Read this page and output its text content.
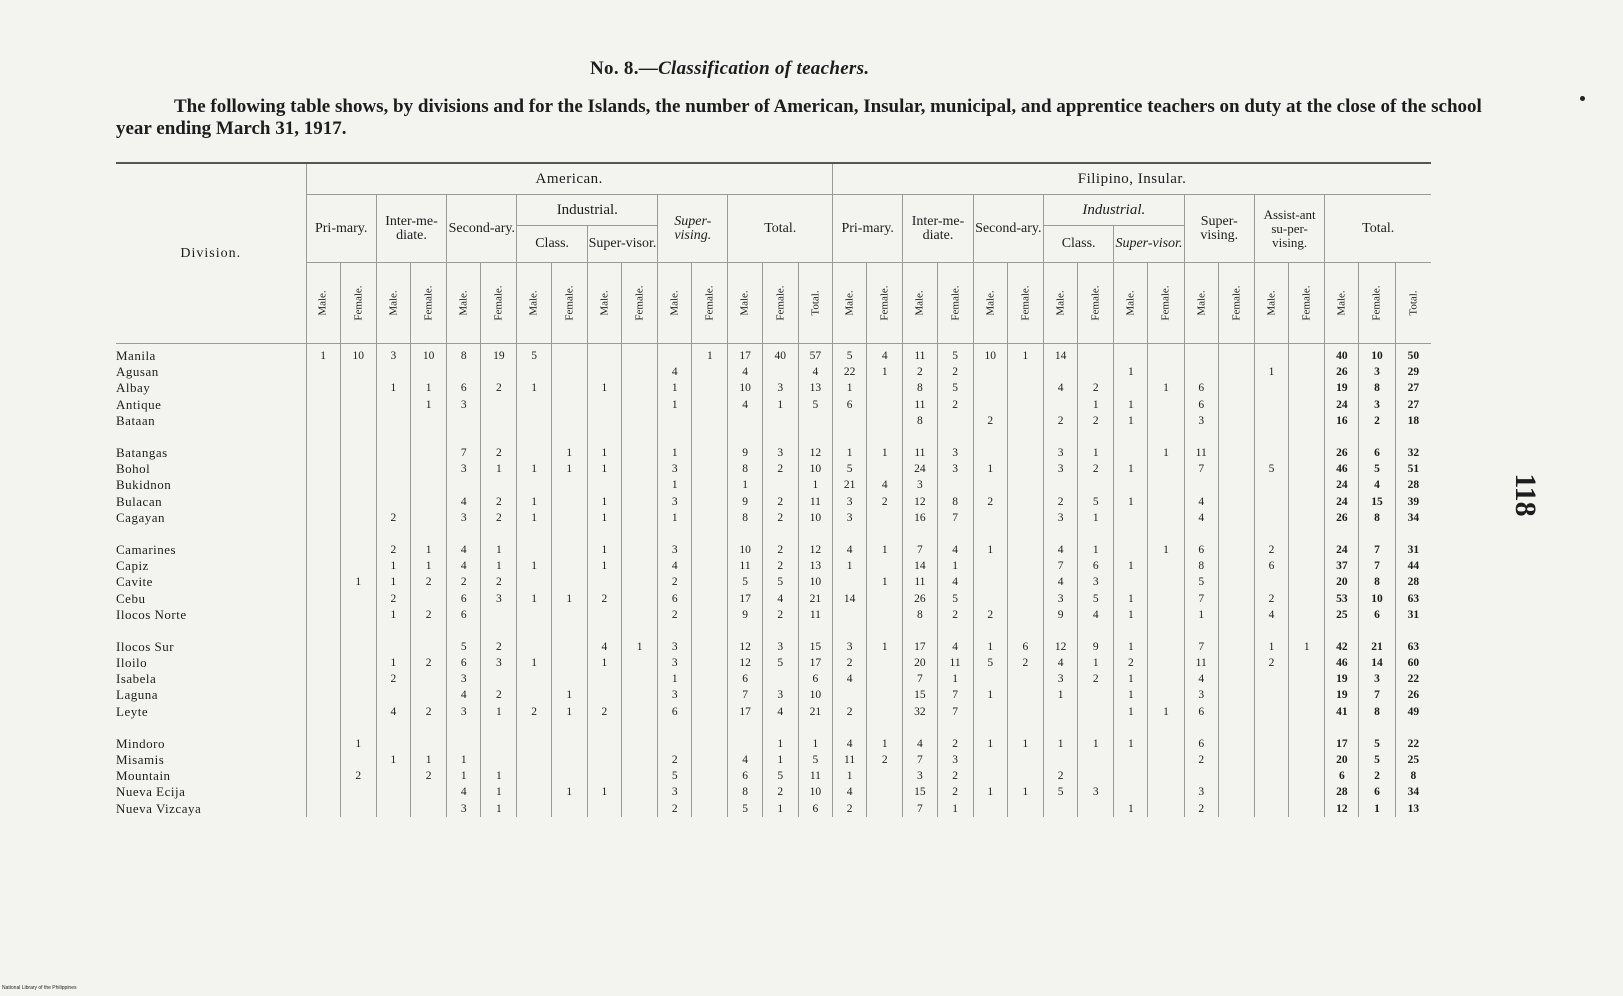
No. 8.—Classification of teachers.
The following table shows, by divisions and for the Islands, the number of American, Insular, municipal, and apprentice teachers on duty at the close of the school year ending March 31, 1917.
118
Division.	American.															Filipino, Insular.																
	Pri-mary.		Inter-me-diate.		Second-ary.		Industrial.				Super-vising.		Total.			Pri-mary.		Inter-me-diate.		Second-ary.		Industrial.				Super-vising.		Assist-ant su-per-vising.		Total.		
							Class.		Super-visor.													Class.		Super-visor.								
	Male.	Female.	Male.	Female.	Male.	Female.	Male.	Female.	Male.	Female.	Male.	Female.	Male.	Female.	Total.	Male.	Female.	Male.	Female.	Male.	Female.	Male.	Female.	Male.	Female.	Male.	Female.	Male.	Female.	Male.	Female.	Total.
Manila	1	10	3	10	8	19	5					1	17	40	57	5	4	11	5	10	1	14								40	10	50
Agusan											4		4		4	22	1	2	2					1				1		26	3	29
Albay			1	1	6	2	1		1		1		10	3	13	1		8	5			4	2		1	6				19	8	27
Antique				1	3						1		4	1	5	6		11	2				1	1		6				24	3	27
Bataan																		8		2		2	2	1		3				16	2	18

Batangas					7	2		1	1		1		9	3	12	1	1	11	3			3	1		1	11				26	6	32
Bohol					3	1	1	1	1		3		8	2	10	5		24	3	1		3	2	1		7		5		46	5	51
Bukidnon											1		1		1	21	4	3												24	4	28
Bulacan					4	2	1		1		3		9	2	11	3	2	12	8	2		2	5	1		4				24	15	39
Cagayan			2		3	2	1		1		1		8	2	10	3		16	7			3	1			4				26	8	34

Camarines			2	1	4	1			1		3		10	2	12	4	1	7	4	1		4	1		1	6		2		24	7	31
Capiz			1	1	4	1	1		1		4		11	2	13	1		14	1			7	6	1		8		6		37	7	44
Cavite		1	1	2	2	2					2		5	5	10		1	11	4			4	3			5				20	8	28
Cebu			2		6	3	1	1	2		6		17	4	21	14		26	5			3	5	1		7		2		53	10	63
Ilocos Norte			1	2	6						2		9	2	11			8	2	2		9	4	1		1		4		25	6	31

Ilocos Sur					5	2			4	1	3		12	3	15	3	1	17	4	1	6	12	9	1		7		1	1	42	21	63
Iloilo			1	2	6	3	1		1		3		12	5	17	2		20	11	5	2	4	1	2		11		2		46	14	60
Isabela			2		3						1		6		6	4		7	1			3	2	1		4				19	3	22
Laguna					4	2		1			3		7	3	10			15	7	1		1		1		3				19	7	26
Leyte			4	2	3	1	2	1	2		6		17	4	21	2		32	7					1	1	6				41	8	49

Mindoro		1												1	1	4	1	4	2	1	1	1	1	1		6				17	5	22
Misamis			1	1	1						2		4	1	5	11	2	7	3							2				20	5	25
Mountain		2		2	1	1					5		6	5	11	1		3	2			2								6	2	8
Nueva Ecija					4	1		1	1		3		8	2	10	4		15	2	1	1	5	3			3				28	6	34
Nueva Vizcaya					3	1					2		5	1	6	2		7	1					1		2				12	1	13
National Library of the Philippines
